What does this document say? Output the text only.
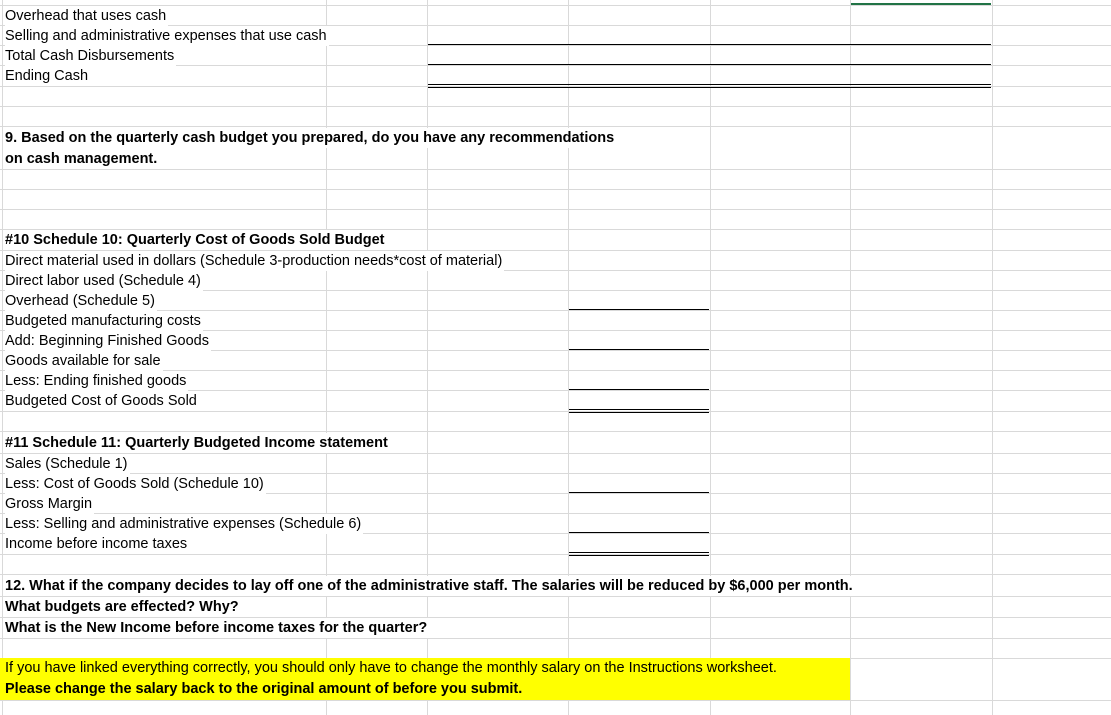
Overhead that uses cash
Selling and administrative expenses that use cash
Total Cash Disbursements
Ending Cash
9. Based on the quarterly cash budget you prepared, do you have any recommendations
on cash management.
#10 Schedule 10: Quarterly Cost of Goods Sold Budget
Direct material used in dollars (Schedule 3-production needs*cost of material)
Direct labor used (Schedule 4)
Overhead (Schedule 5)
Budgeted manufacturing costs
Add: Beginning Finished Goods
Goods available for sale
Less: Ending finished goods
Budgeted Cost of Goods Sold
#11 Schedule 11: Quarterly Budgeted Income statement
Sales (Schedule 1)
Less: Cost of Goods Sold (Schedule 10)
Gross Margin
Less: Selling and administrative expenses (Schedule 6)
Income before income taxes
12. What if the company decides to lay off one of the administrative staff. The salaries will be reduced by $6,000 per month.
What budgets are effected? Why?
What is the New Income before income taxes for the quarter?
If you have linked everything correctly, you should only have to change the monthly salary on the Instructions worksheet.
Please change the salary back to the original amount of before you submit.
